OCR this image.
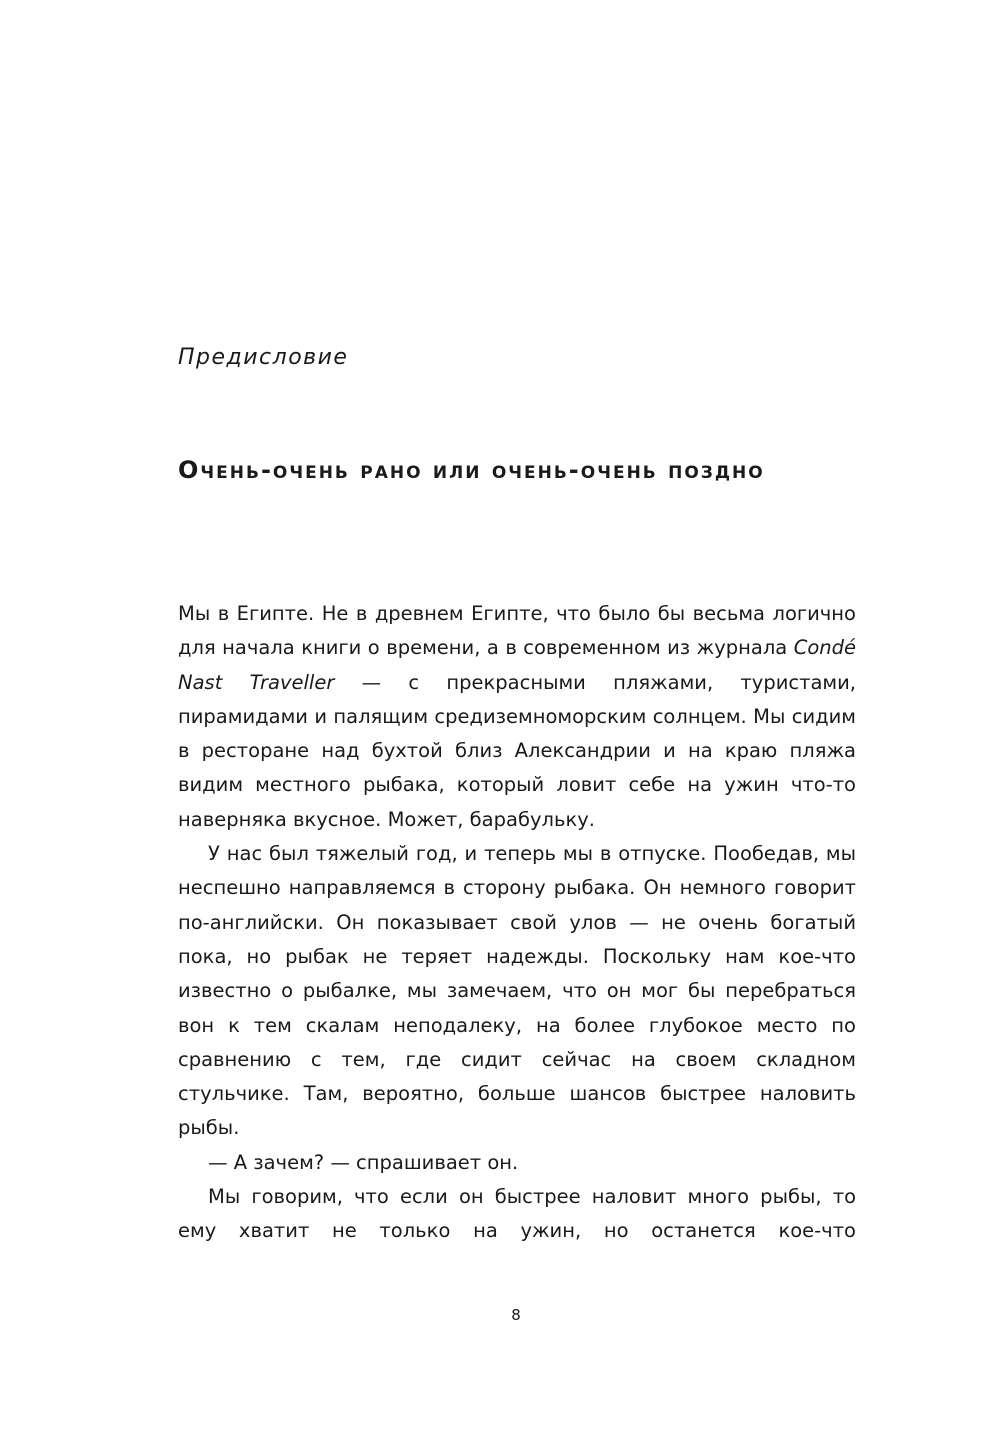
Предисловие
Очень-очень рано или очень-очень поздно

Мы в Египте. Не в древнем Египте, что было бы весьма логично для начала книги о времени, а в современном из журнала Condé Nast Traveller — с прекрасными пляжами, туристами, пирамидами и палящим средиземноморским солнцем. Мы сидим в ресторане над бухтой близ Александрии и на краю пляжа видим местного рыбака, который ловит себе на ужин что-то наверняка вкусное. Может, барабульку.

У нас был тяжелый год, и теперь мы в отпуске. Пообедав, мы неспешно направляемся в сторону рыбака. Он немного говорит по-английски. Он показывает свой улов — не очень богатый пока, но рыбак не теряет надежды. Поскольку нам кое-что известно о рыбалке, мы замечаем, что он мог бы перебраться вон к тем скалам неподалеку, на более глубокое место по сравнению с тем, где сидит сейчас на своем складном стульчике. Там, вероятно, больше шансов быстрее наловить рыбы.

— А зачем? — спрашивает он.

Мы говорим, что если он быстрее наловит много рыбы, то ему хватит не только на ужин, но останется кое-что

8
